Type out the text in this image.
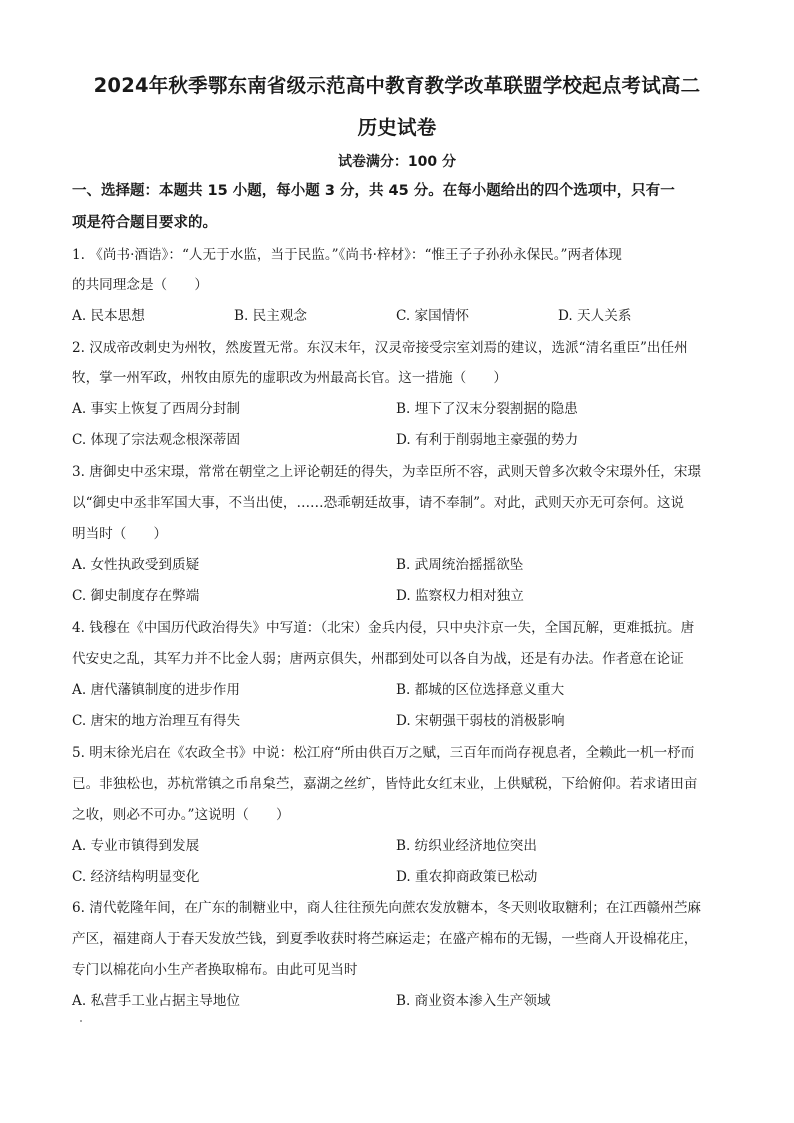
2024年秋季鄂东南省级示范高中教育教学改革联盟学校起点考试高二
历史试卷
试卷满分：100 分
一、选择题：本题共 15 小题，每小题 3 分，共 45 分。在每小题给出的四个选项中，只有一
项是符合题目要求的。
1. 《尚书·酒诰》：“人无于水监，当于民监。”《尚书·梓材》：“惟王子子孙孙永保民。”两者体现
的共同理念是（　　）
A. 民本思想	B. 民主观念	C. 家国情怀	D. 天人关系
2. 汉成帝改刺史为州牧，然废置无常。东汉末年，汉灵帝接受宗室刘焉的建议，选派“清名重臣”出任州
牧，掌一州军政，州牧由原先的虚职改为州最高长官。这一措施（　　）
A. 事实上恢复了西周分封制	B. 埋下了汉末分裂割据的隐患
C. 体现了宗法观念根深蒂固	D. 有利于削弱地主豪强的势力
3. 唐御史中丞宋璟，常常在朝堂之上评论朝廷的得失，为幸臣所不容，武则天曾多次敕令宋璟外任，宋璟
以“御史中丞非军国大事，不当出使，……恐乖朝廷故事，请不奉制”。对此，武则天亦无可奈何。这说
明当时（　　）
A. 女性执政受到质疑	B. 武周统治摇摇欲坠
C. 御史制度存在弊端	D. 监察权力相对独立
4. 钱穆在《中国历代政治得失》中写道：（北宋）金兵内侵，只中央汴京一失，全国瓦解，更难抵抗。唐
代安史之乱，其军力并不比金人弱；唐两京俱失，州郡到处可以各自为战，还是有办法。作者意在论证
A. 唐代藩镇制度的进步作用	B. 都城的区位选择意义重大
C. 唐宋的地方治理互有得失	D. 宋朝强干弱枝的消极影响
5. 明末徐光启在《农政全书》中说：松江府“所由供百万之赋，三百年而尚存视息者，全赖此一机一杼而
已。非独松也，苏杭常镇之币帛枲苎，嘉湖之丝纩，皆恃此女红末业，上供赋税，下给俯仰。若求诸田亩
之收，则必不可办。”这说明（　　）
A. 专业市镇得到发展	B. 纺织业经济地位突出
C. 经济结构明显变化	D. 重农抑商政策已松动
6. 清代乾隆年间，在广东的制糖业中，商人往往预先向蔗农发放糖本，冬天则收取糖利；在江西赣州苎麻
产区，福建商人于春天发放苎钱，到夏季收获时将苎麻运走；在盛产棉布的无锡，一些商人开设棉花庄，
专门以棉花向小生产者换取棉布。由此可见当时
A. 私营手工业占据主导地位	B. 商业资本渗入生产领域
